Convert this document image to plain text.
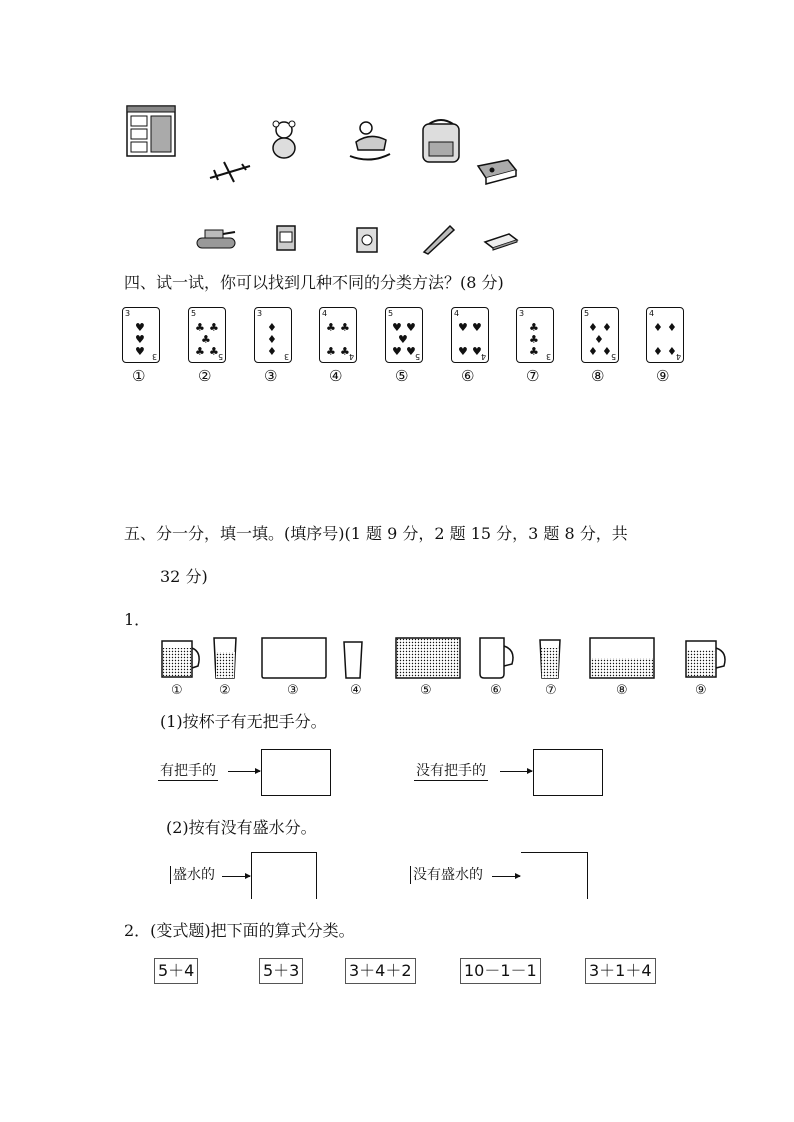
四、试一试，你可以找到几种不同的分类方法？(8 分)
3
3
♥
♥
♥
①
5
5
♣ ♣
♣
♣ ♣
②
3
3
♦
♦
♦
③
4
4
♣ ♣
♣ ♣
④
5
5
♥ ♥
♥
♥ ♥
⑤
4
4
♥ ♥
♥ ♥
⑥
3
3
♣
♣
♣
⑦
5
5
♦ ♦
♦
♦ ♦
⑧
4
4
♦ ♦
♦ ♦
⑨
五、分一分，填一填。(填序号)(1 题 9 分，2 题 15 分，3 题 8 分，共
32 分)
1．
①	②	③	④	⑤	⑥	⑦	⑧	⑨
(1)按杯子有无把手分。
有把手的	没有把手的
(2)按有没有盛水分。
盛水的	没有盛水的
2．(变式题)把下面的算式分类。
5＋4	5＋3	3＋4＋2	10－1－1	3＋1＋4
